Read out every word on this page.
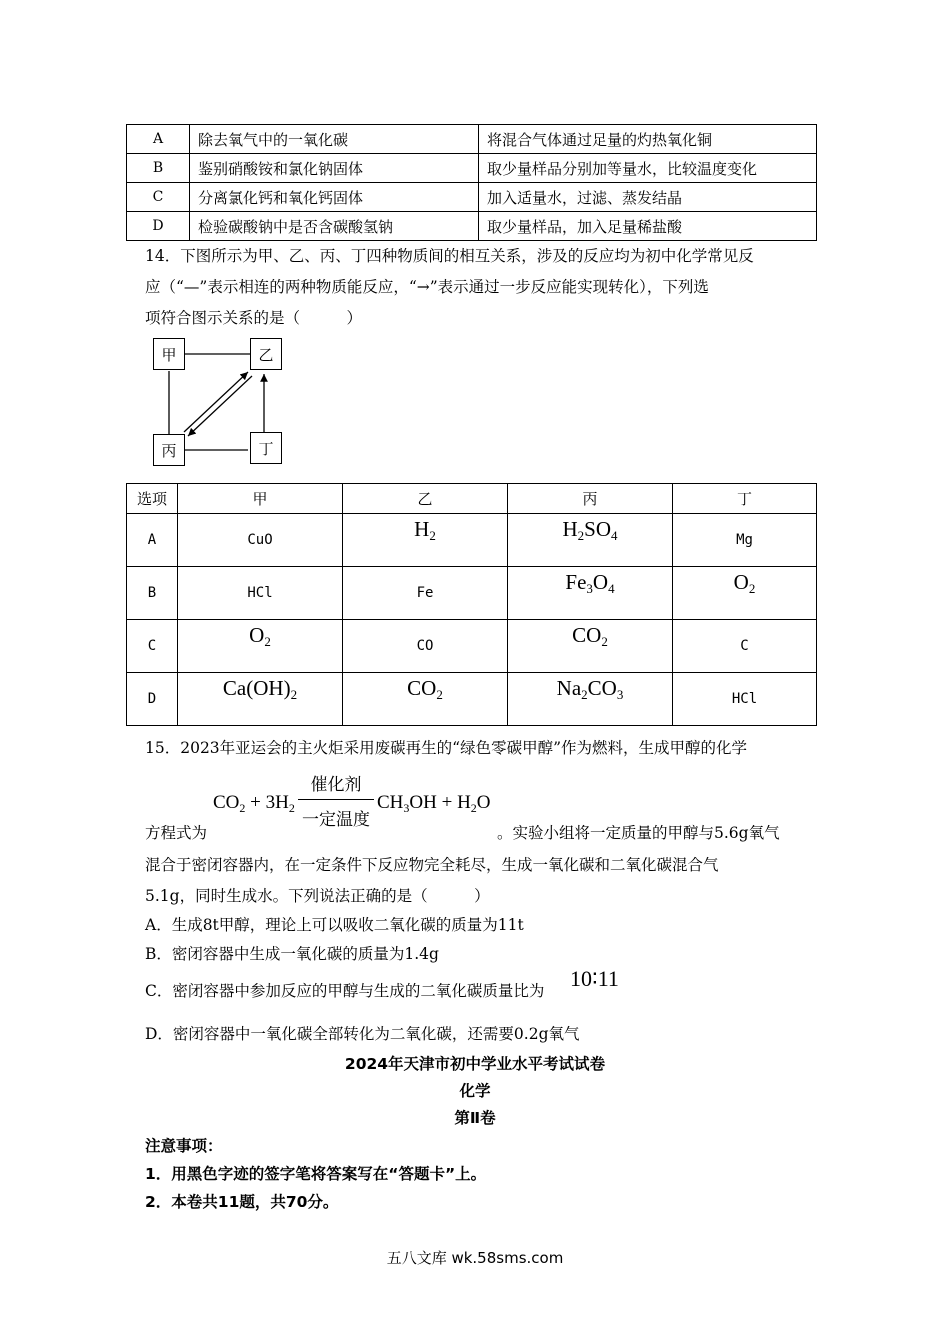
A	除去氧气中的一氧化碳	将混合气体通过足量的灼热氧化铜
B	鉴别硝酸铵和氯化钠固体	取少量样品分别加等量水，比较温度变化
C	分离氯化钙和氧化钙固体	加入适量水，过滤、蒸发结晶
D	检验碳酸钠中是否含碳酸氢钠	取少量样品，加入足量稀盐酸
14．下图所示为甲、乙、丙、丁四种物质间的相互关系，涉及的反应均为初中化学常见反
应（“—”表示相连的两种物质能反应，“→”表示通过一步反应能实现转化），下列选
项符合图示关系的是（　　　）
甲	乙
丙	丁
选项	甲	乙	丙	丁
A	CuO	$H_2$	$H_2SO_4$	Mg
B	HCl	Fe	$Fe_3O_4$	$O_2$
C	$O_2$	CO	$CO_2$	C
D	$Ca(OH)_2$	$CO_2$	$Na_2CO_3$	HCl
15．2023年亚运会的主火炬采用废碳再生的“绿色零碳甲醇”作为燃料，生成甲醇的化学
$CO_2 + 3H_2$
催化剂
一定温度
$CH_3OH + H_2O$
方程式为	。实验小组将一定质量的甲醇与5.6g氧气
混合于密闭容器内，在一定条件下反应物完全耗尽，生成一氧化碳和二氧化碳混合气
5.1g，同时生成水。下列说法正确的是（　　　）
A．生成8t甲醇，理论上可以吸收二氧化碳的质量为11t
B．密闭容器中生成一氧化碳的质量为1.4g
C．密闭容器中参加反应的甲醇与生成的二氧化碳质量比为 10∶11
D．密闭容器中一氧化碳全部转化为二氧化碳，还需要0.2g氧气
2024年天津市初中学业水平考试试卷
化学
第Ⅱ卷
注意事项：
1．用黑色字迹的签字笔将答案写在“答题卡”上。
2．本卷共11题，共70分。
五八文库 wk.58sms.com
